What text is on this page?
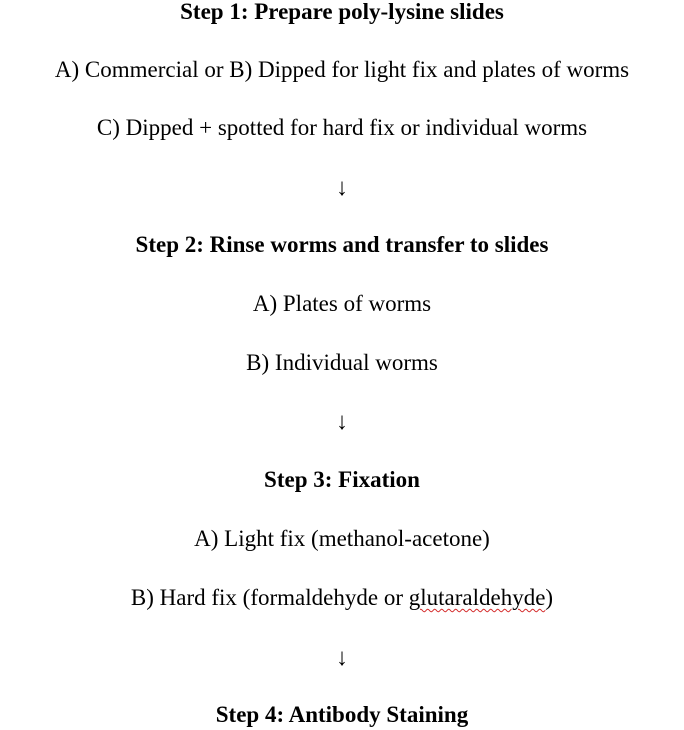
Step 1: Prepare poly-lysine slides
A) Commercial or B) Dipped for light fix and plates of worms
C) Dipped + spotted for hard fix or individual worms
↓
Step 2: Rinse worms and transfer to slides
A) Plates of worms
B) Individual worms
↓
Step 3: Fixation
A) Light fix (methanol-acetone)
B) Hard fix (formaldehyde or glutaraldehyde)
↓
Step 4: Antibody Staining
